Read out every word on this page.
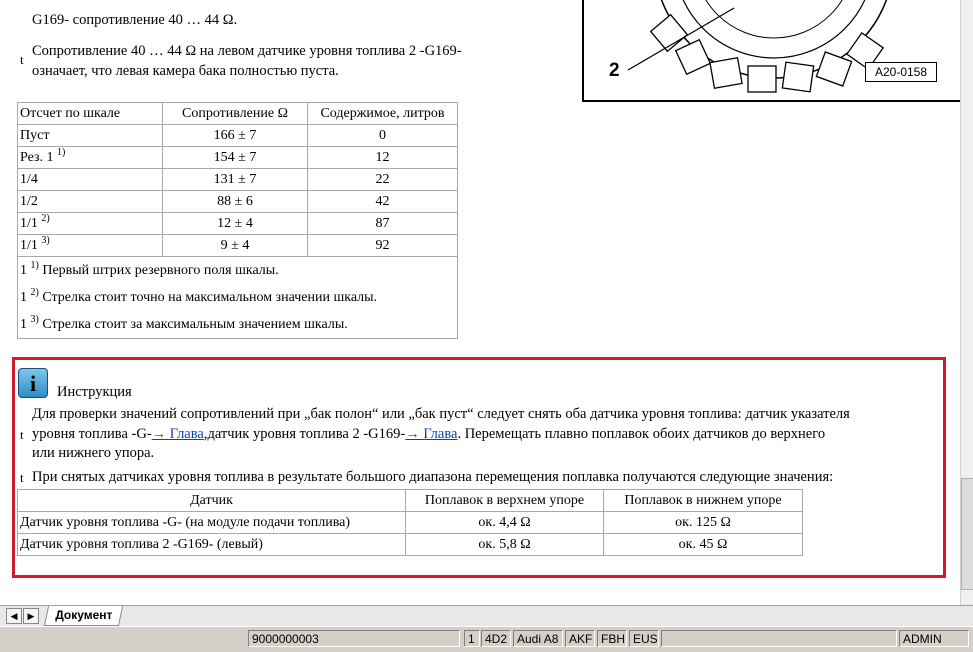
2	A20-0158
G169- сопротивление 40 … 44 Ω.
t
Сопротивление 40 … 44 Ω на левом датчике уровня топлива 2 -G169-
означает, что левая камера бака полностью пуста.
Отсчет по шкале	Сопротивление Ω	Содержимое, литров
Пуст	166 ± 7	0
Рез. 1 $^{1)}$	154 ± 7	12
1/4	131 ± 7	22
1/2	88 ± 6	42
1/1 $^{2)}$	12 ± 4	87
1/1 $^{3)}$	9 ± 4	92
1 $^{1)}$ Первый штрих резервного поля шкалы.		
1 $^{2)}$ Стрелка стоит точно на максимальном значении шкалы.		
1 $^{3)}$ Стрелка стоит за максимальным значением шкалы.		
i	Инструкция
Для проверки значений сопротивлений при „бак полон“ или „бак пуст“ следует снять оба датчика уровня топлива: датчик указателя
t уровня топлива -G-→ Глава,датчик уровня топлива 2 -G169-→ Глава. Перемещать плавно поплавок обоих датчиков до верхнего
или нижнего упора.
t При снятых датчиках уровня топлива в результате большого диапазона перемещения поплавка получаются следующие значения:
Датчик	Поплавок в верхнем упоре	Поплавок в нижнем упоре
Датчик уровня топлива -G- (на модуле подачи топлива)	ок. 4,4 Ω	ок. 125 Ω
Датчик уровня топлива 2 -G169- (левый)	ок. 5,8 Ω	ок. 45 Ω
◀	▶	Документ
9000000003	1 4D2 Audi A8 AKF FBH EUS	ADMIN
